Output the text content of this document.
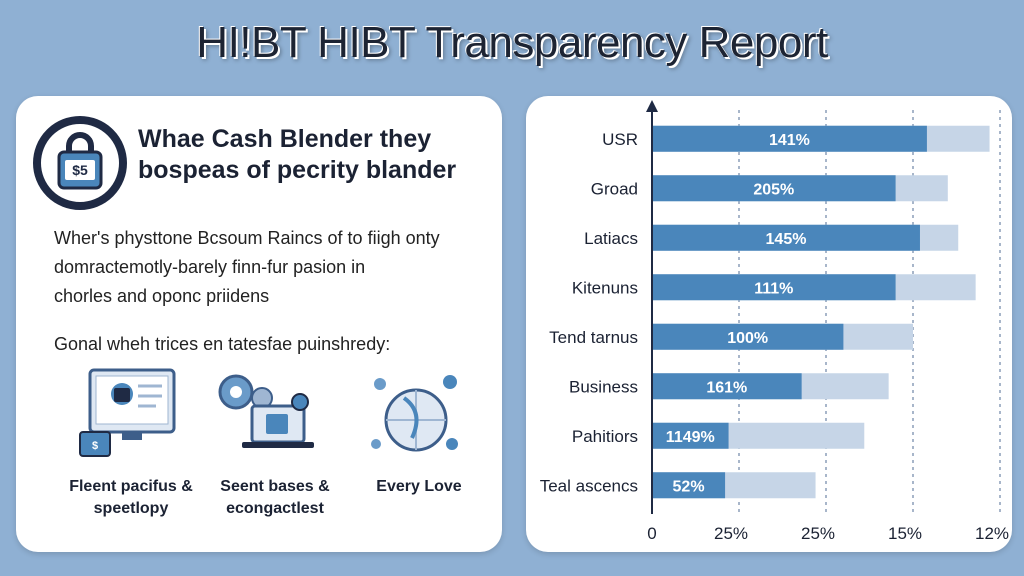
HI!BT HIBT Transparency Report
$5
Whae Cash Blender they
bospeas of pecrity blander
Wher's physttone Bcsoum Raincs of to fiigh onty
domractemotly-barely finn-fur pasion in
chorles and oponc priidens
Gonal wheh trices en tatesfae puinshredy:
$
Fleent pacifus &
speetlopy
Seent bases &
econgactlest
Every Love
USR	141%
Groad	205%
Latiacs	145%
Kitenuns	111%
Tend tarnus	100%
Business	161%
Pahitiors 1149%
Teal ascencs 52%
0	25%	25%	15%	12%
